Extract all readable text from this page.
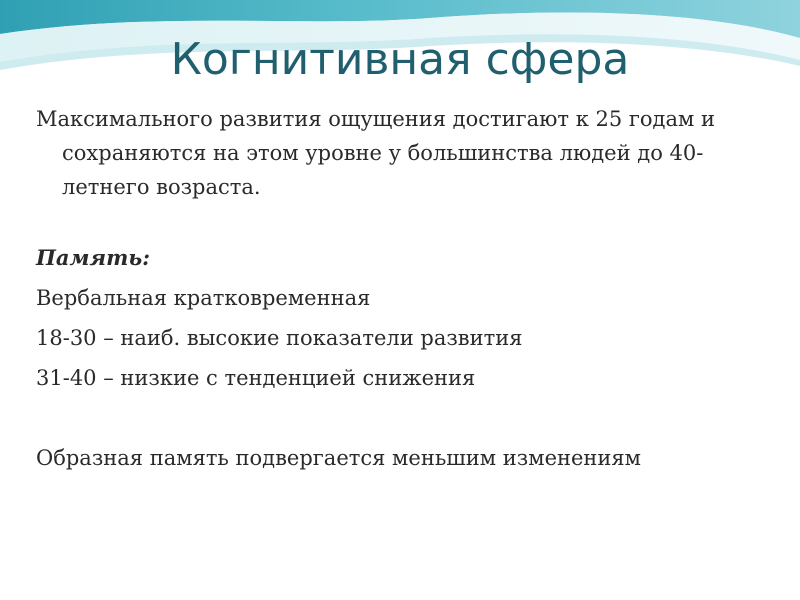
Когнитивная сфера

Максимального развития ощущения достигают к 25 годам и сохраняются на этом уровне у большинства людей до 40-летнего возраста.

Память:

Вербальная кратковременная

18-30 – наиб. высокие показатели развития

31-40 – низкие с тенденцией снижения

Образная память подвергается меньшим изменениям
